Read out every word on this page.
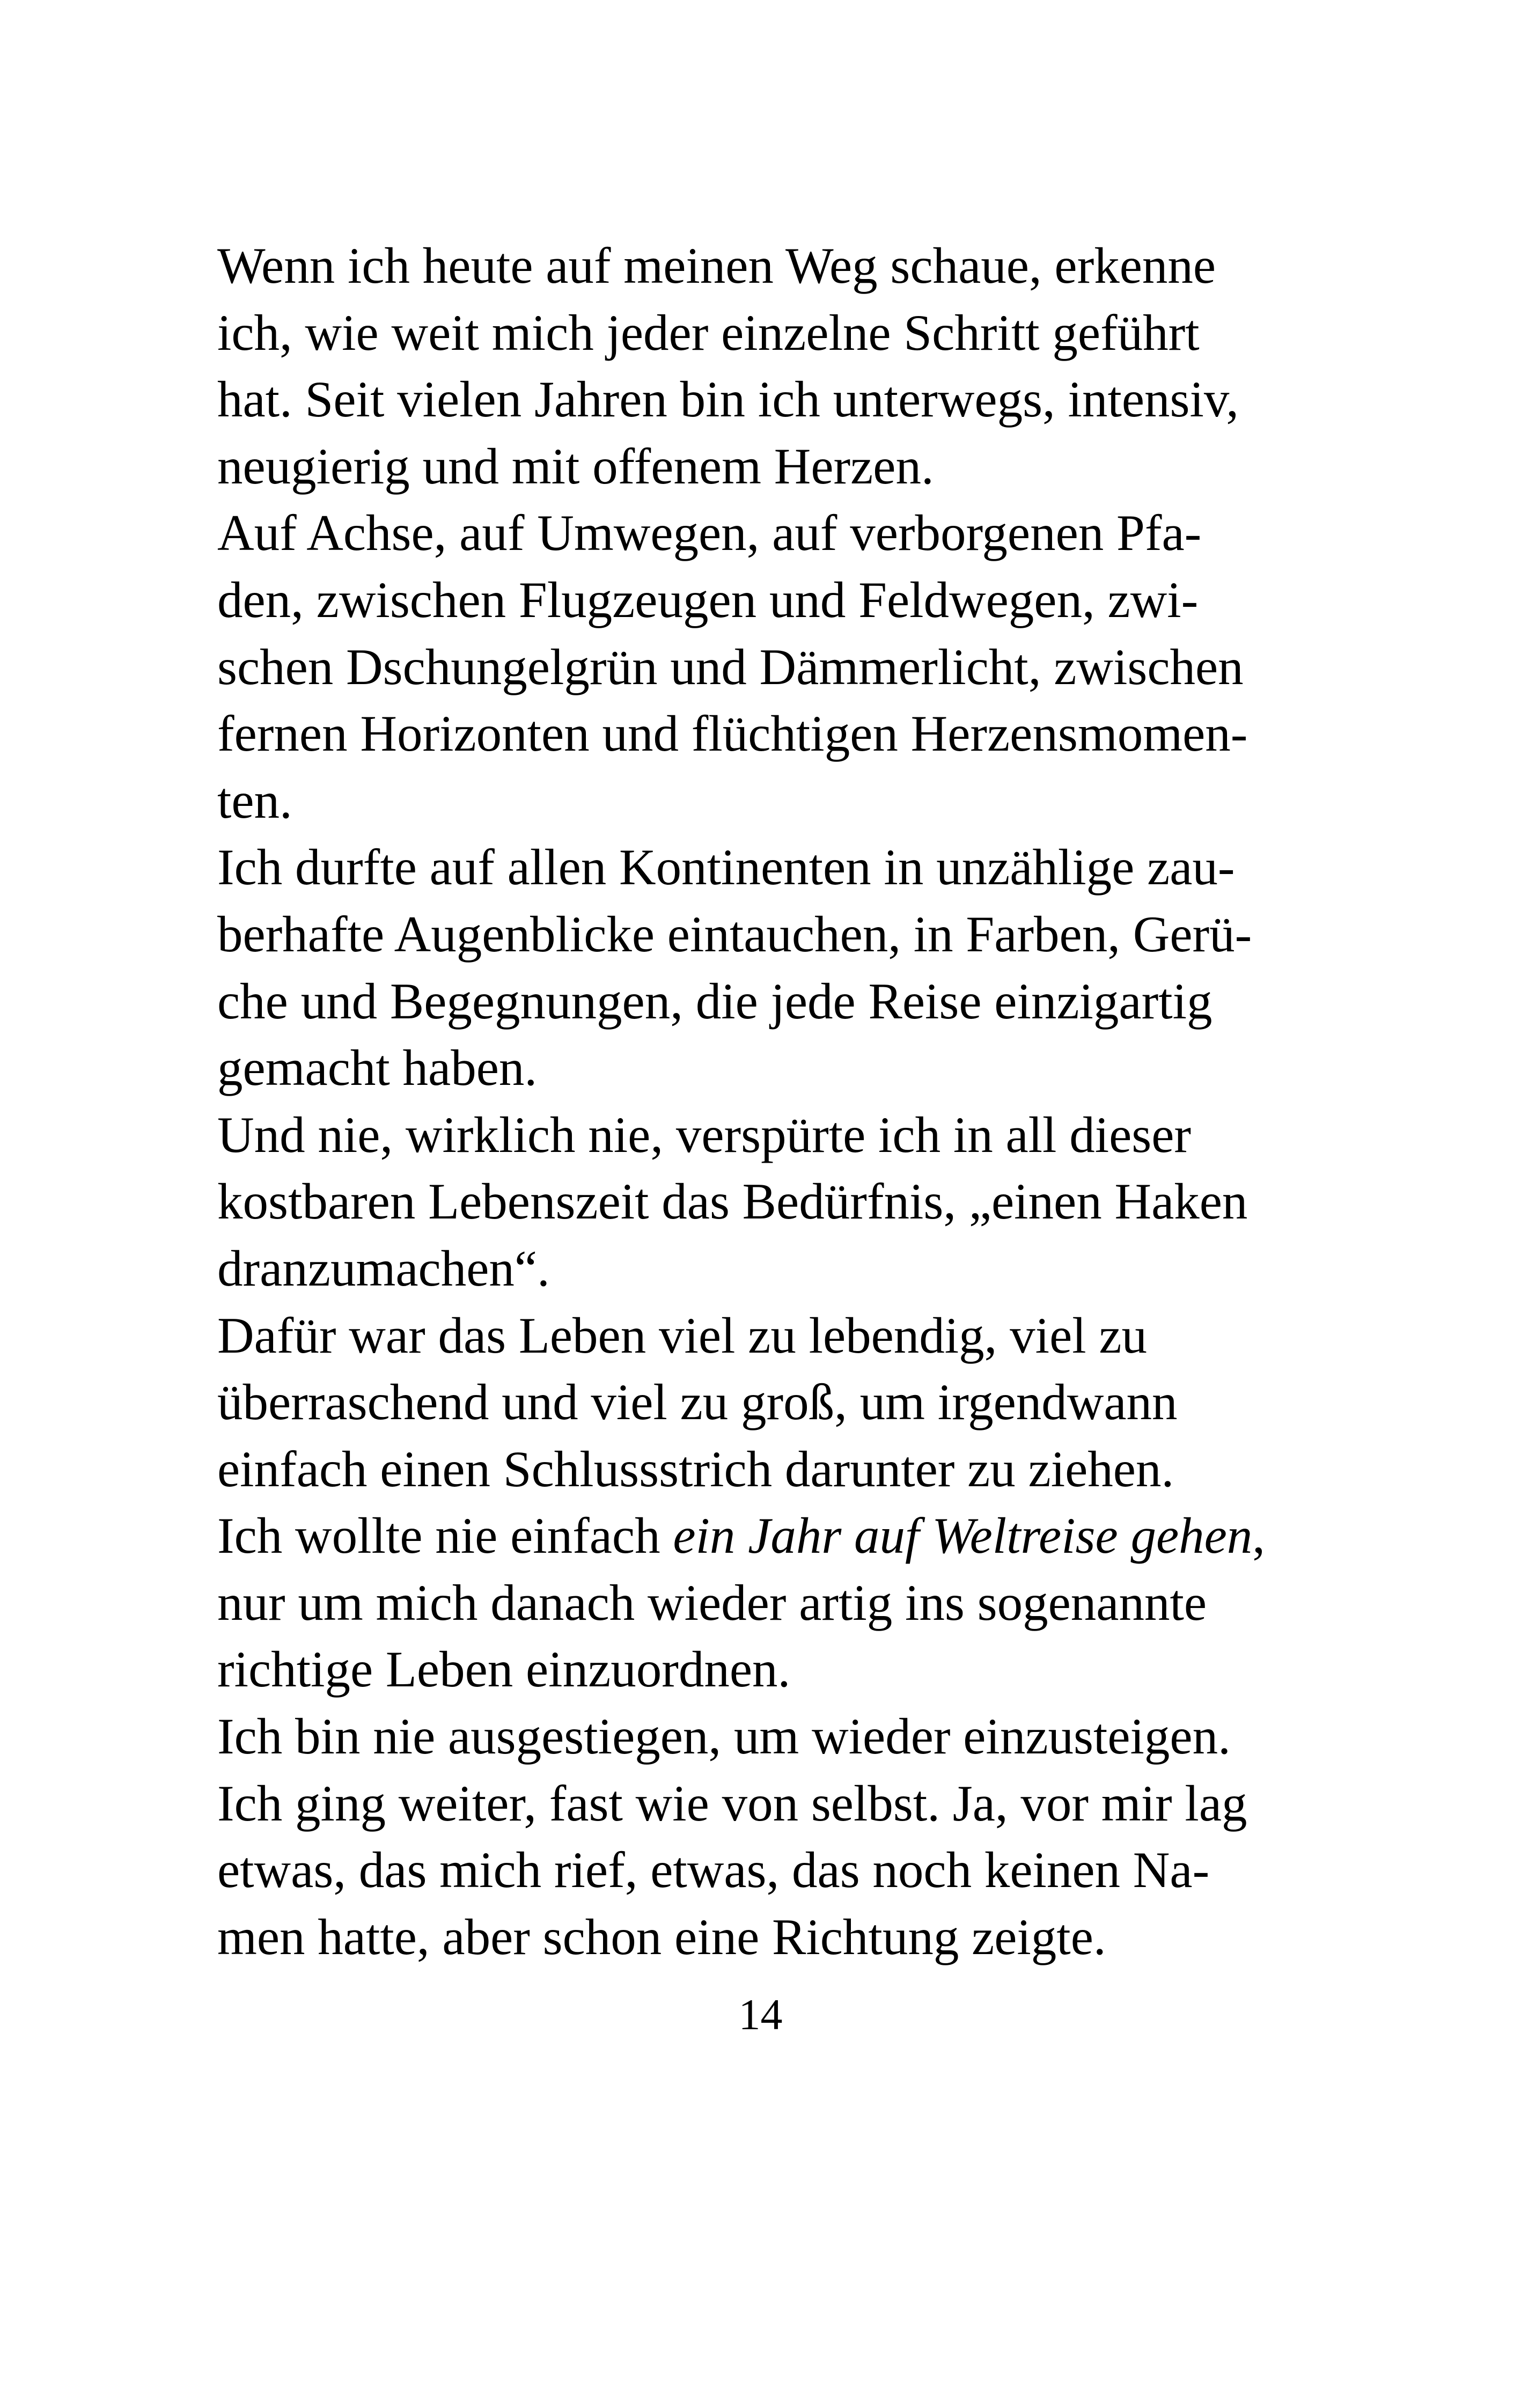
Wenn ich heute auf meinen Weg schaue, erkenne
ich, wie weit mich jeder einzelne Schritt geführt
hat. Seit vielen Jahren bin ich unterwegs, intensiv,
neugierig und mit offenem Herzen.
Auf Achse, auf Umwegen, auf verborgenen Pfa-
den, zwischen Flugzeugen und Feldwegen, zwi-
schen Dschungelgrün und Dämmerlicht, zwischen
fernen Horizonten und flüchtigen Herzensmomen-
ten.
Ich durfte auf allen Kontinenten in unzählige zau-
berhafte Augenblicke eintauchen, in Farben, Gerü-
che und Begegnungen, die jede Reise einzigartig
gemacht haben.
Und nie, wirklich nie, verspürte ich in all dieser
kostbaren Lebenszeit das Bedürfnis, „einen Haken
dranzumachen“.
Dafür war das Leben viel zu lebendig, viel zu
überraschend und viel zu groß, um irgendwann
einfach einen Schlussstrich darunter zu ziehen.
Ich wollte nie einfach ein Jahr auf Weltreise gehen,
nur um mich danach wieder artig ins sogenannte
richtige Leben einzuordnen.
Ich bin nie ausgestiegen, um wieder einzusteigen.
Ich ging weiter, fast wie von selbst. Ja, vor mir lag
etwas, das mich rief, etwas, das noch keinen Na-
men hatte, aber schon eine Richtung zeigte.
14
